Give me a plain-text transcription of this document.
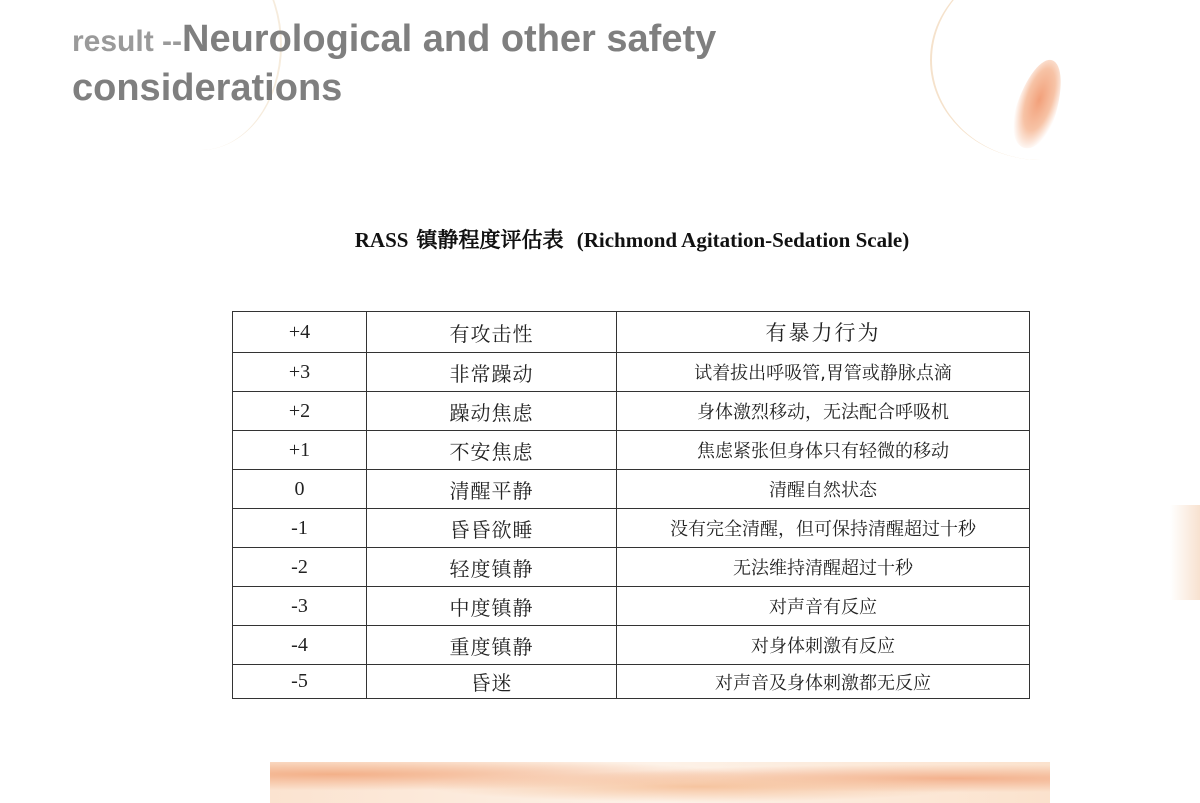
result --Neurological and other safety considerations
RASS 镇静程度评估表 (Richmond Agitation-Sedation Scale)
+4	有攻击性	有暴力行为
+3	非常躁动	试着拔出呼吸管,胃管或静脉点滴
+2	躁动焦虑	身体激烈移动，无法配合呼吸机
+1	不安焦虑	焦虑紧张但身体只有轻微的移动
0	清醒平静	清醒自然状态
-1	昏昏欲睡	没有完全清醒，但可保持清醒超过十秒
-2	轻度镇静	无法维持清醒超过十秒
-3	中度镇静	对声音有反应
-4	重度镇静	对身体刺激有反应
-5	昏迷	对声音及身体刺激都无反应
